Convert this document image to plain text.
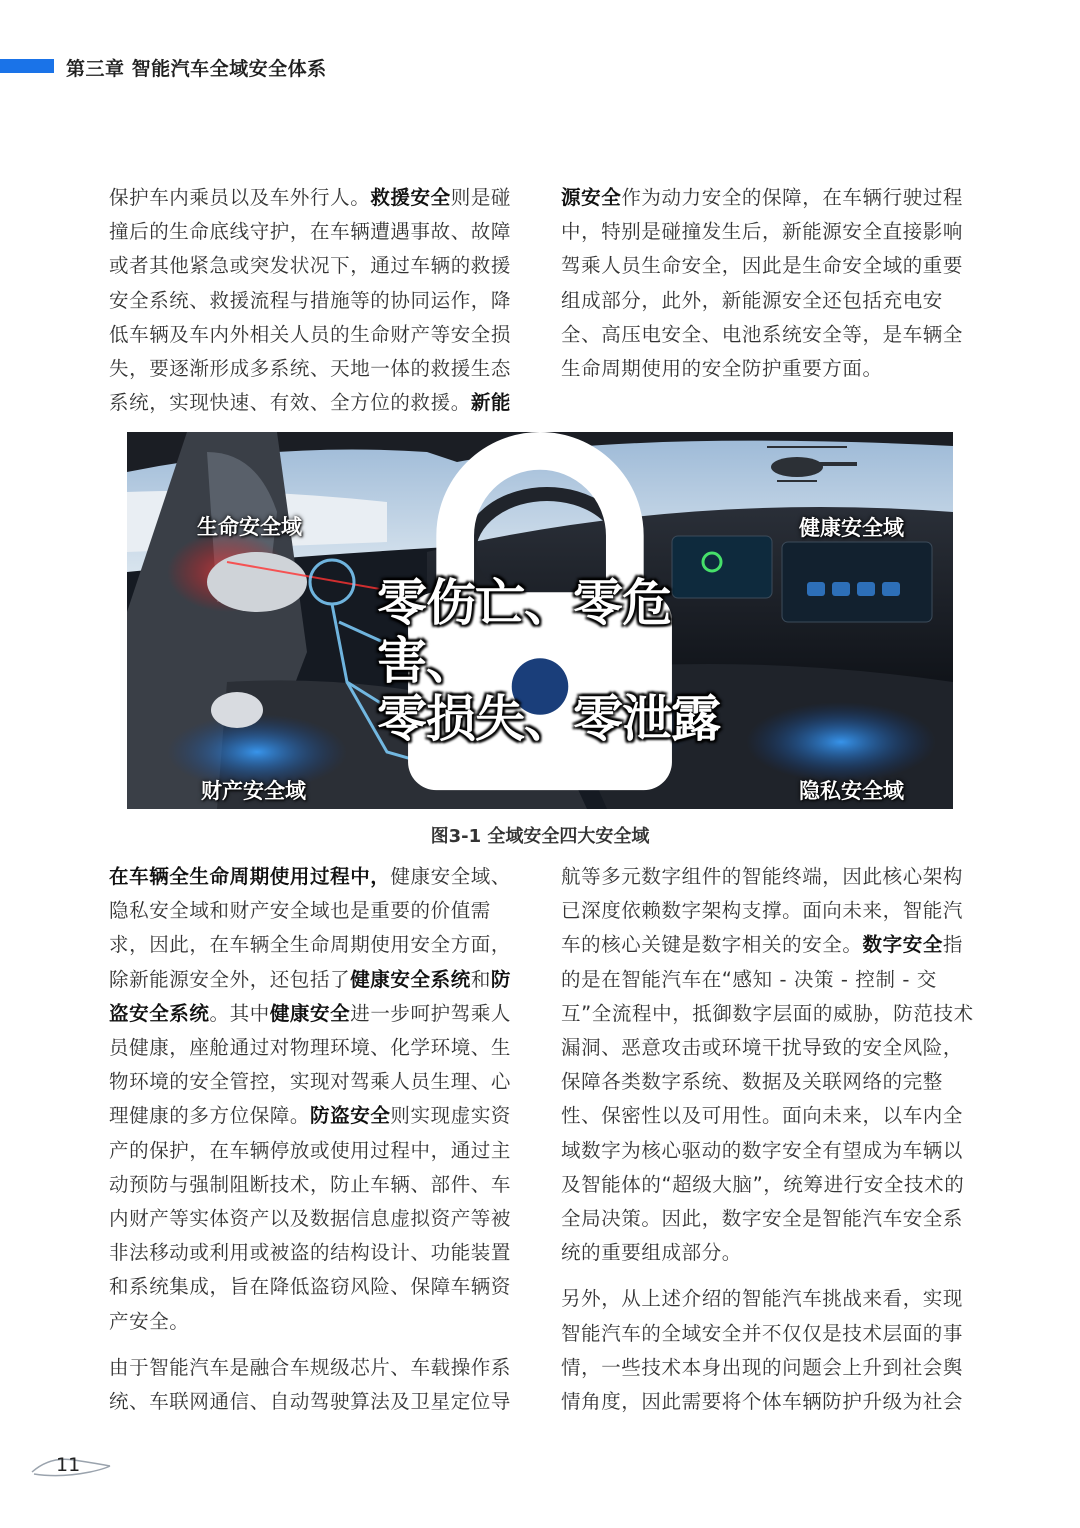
第三章 智能汽车全域安全体系

保护车内乘员以及车外行人。救援安全则是碰撞后的生命底线守护，在车辆遭遇事故、故障或者其他紧急或突发状况下，通过车辆的救援安全系统、救援流程与措施等的协同运作，降低车辆及车内外相关人员的生命财产等安全损失，要逐渐形成多系统、天地一体的救援生态系统，实现快速、有效、全方位的救援。新能

源安全作为动力安全的保障，在车辆行驶过程中，特别是碰撞发生后，新能源安全直接影响驾乘人员生命安全，因此是生命安全域的重要组成部分，此外，新能源安全还包括充电安全、高压电安全、电池系统安全等，是车辆全生命周期使用的安全防护重要方面。

生命安全域	健康安全域
财产安全域	隐私安全域
零伤亡、零危害、
零损失、零泄露
图3-1 全域安全四大安全域

在车辆全生命周期使用过程中，健康安全域、隐私安全域和财产安全域也是重要的价值需求，因此，在车辆全生命周期使用安全方面，除新能源安全外，还包括了健康安全系统和防盗安全系统。其中健康安全进一步呵护驾乘人员健康，座舱通过对物理环境、化学环境、生物环境的安全管控，实现对驾乘人员生理、心理健康的多方位保障。防盗安全则实现虚实资产的保护，在车辆停放或使用过程中，通过主动预防与强制阻断技术，防止车辆、部件、车内财产等实体资产以及数据信息虚拟资产等被非法移动或利用或被盗的结构设计、功能装置和系统集成，旨在降低盗窃风险、保障车辆资产安全。

由于智能汽车是融合车规级芯片、车载操作系统、车联网通信、自动驾驶算法及卫星定位导

航等多元数字组件的智能终端，因此核心架构已深度依赖数字架构支撑。面向未来，智能汽车的核心关键是数字相关的安全。数字安全指的是在智能汽车在“感知 - 决策 - 控制 - 交互”全流程中，抵御数字层面的威胁，防范技术漏洞、恶意攻击或环境干扰导致的安全风险，保障各类数字系统、数据及关联网络的完整性、保密性以及可用性。面向未来，以车内全域数字为核心驱动的数字安全有望成为车辆以及智能体的“超级大脑”，统筹进行安全技术的全局决策。因此，数字安全是智能汽车安全系统的重要组成部分。

另外，从上述介绍的智能汽车挑战来看，实现智能汽车的全域安全并不仅仅是技术层面的事情，一些技术本身出现的问题会上升到社会舆情角度，因此需要将个体车辆防护升级为社会

11
